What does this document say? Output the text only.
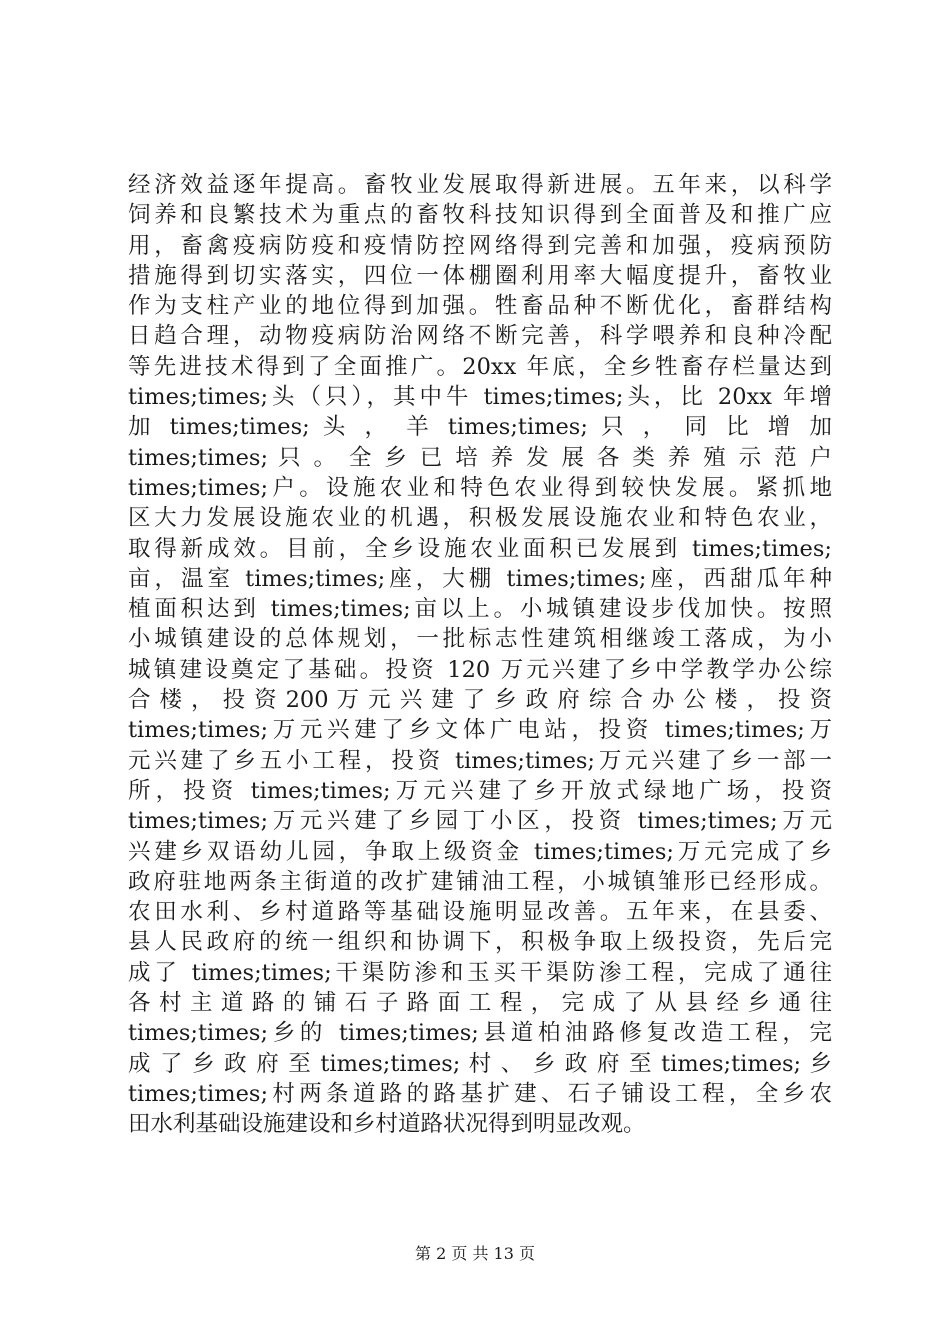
经济效益逐年提高。畜牧业发展取得新进展。五年来，以科学
饲养和良繁技术为重点的畜牧科技知识得到全面普及和推广应
用，畜禽疫病防疫和疫情防控网络得到完善和加强，疫病预防
措施得到切实落实，四位一体棚圈利用率大幅度提升，畜牧业
作为支柱产业的地位得到加强。牲畜品种不断优化，畜群结构
日趋合理，动物疫病防治网络不断完善，科学喂养和良种冷配
等先进技术得到了全面推广。20xx 年底，全乡牲畜存栏量达到
times;times;头（只），其中牛 times;times;头，比 20xx 年增
加 times;times; 头 ， 羊 times;times; 只 ， 同 比 增 加
times;times; 只 。 全 乡 已 培 养 发 展 各 类 养 殖 示 范 户
times;times;户。设施农业和特色农业得到较快发展。紧抓地
区大力发展设施农业的机遇，积极发展设施农业和特色农业，
取得新成效。目前，全乡设施农业面积已发展到 times;times;
亩，温室 times;times;座，大棚 times;times;座，西甜瓜年种
植面积达到 times;times;亩以上。小城镇建设步伐加快。按照
小城镇建设的总体规划，一批标志性建筑相继竣工落成，为小
城镇建设奠定了基础。投资 120 万元兴建了乡中学教学办公综
合 楼 ， 投 资 200 万 元 兴 建 了 乡 政 府 综 合 办 公 楼 ， 投 资
times;times;万元兴建了乡文体广电站，投资 times;times;万
元兴建了乡五小工程，投资 times;times;万元兴建了乡一部一
所，投资 times;times;万元兴建了乡开放式绿地广场，投资
times;times;万元兴建了乡园丁小区，投资 times;times;万元
兴建乡双语幼儿园，争取上级资金 times;times;万元完成了乡
政府驻地两条主街道的改扩建铺油工程，小城镇雏形已经形成。
农田水利、乡村道路等基础设施明显改善。五年来，在县委、
县人民政府的统一组织和协调下，积极争取上级投资，先后完
成了 times;times;干渠防渗和玉买干渠防渗工程，完成了通往
各 村 主 道 路 的 铺 石 子 路 面 工 程 ， 完 成 了 从 县 经 乡 通 往
times;times;乡的 times;times;县道柏油路修复改造工程，完
成 了 乡 政 府 至 times;times; 村 、 乡 政 府 至 times;times; 乡
times;times;村两条道路的路基扩建、石子铺设工程，全乡农
田水利基础设施建设和乡村道路状况得到明显改观。
第 2 页 共 13 页
